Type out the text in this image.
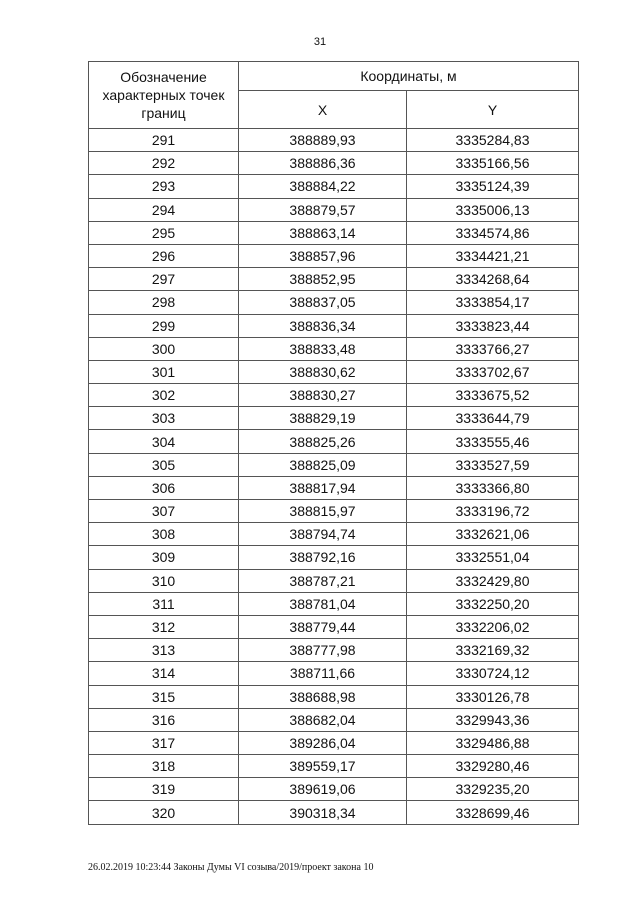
31
Обозначение характерных точек границ	Координаты, м	
	X	Y
291	388889,93	3335284,83
292	388886,36	3335166,56
293	388884,22	3335124,39
294	388879,57	3335006,13
295	388863,14	3334574,86
296	388857,96	3334421,21
297	388852,95	3334268,64
298	388837,05	3333854,17
299	388836,34	3333823,44
300	388833,48	3333766,27
301	388830,62	3333702,67
302	388830,27	3333675,52
303	388829,19	3333644,79
304	388825,26	3333555,46
305	388825,09	3333527,59
306	388817,94	3333366,80
307	388815,97	3333196,72
308	388794,74	3332621,06
309	388792,16	3332551,04
310	388787,21	3332429,80
311	388781,04	3332250,20
312	388779,44	3332206,02
313	388777,98	3332169,32
314	388711,66	3330724,12
315	388688,98	3330126,78
316	388682,04	3329943,36
317	389286,04	3329486,88
318	389559,17	3329280,46
319	389619,06	3329235,20
320	390318,34	3328699,46
26.02.2019 10:23:44 Законы Думы VI созыва/2019/проект закона 10
